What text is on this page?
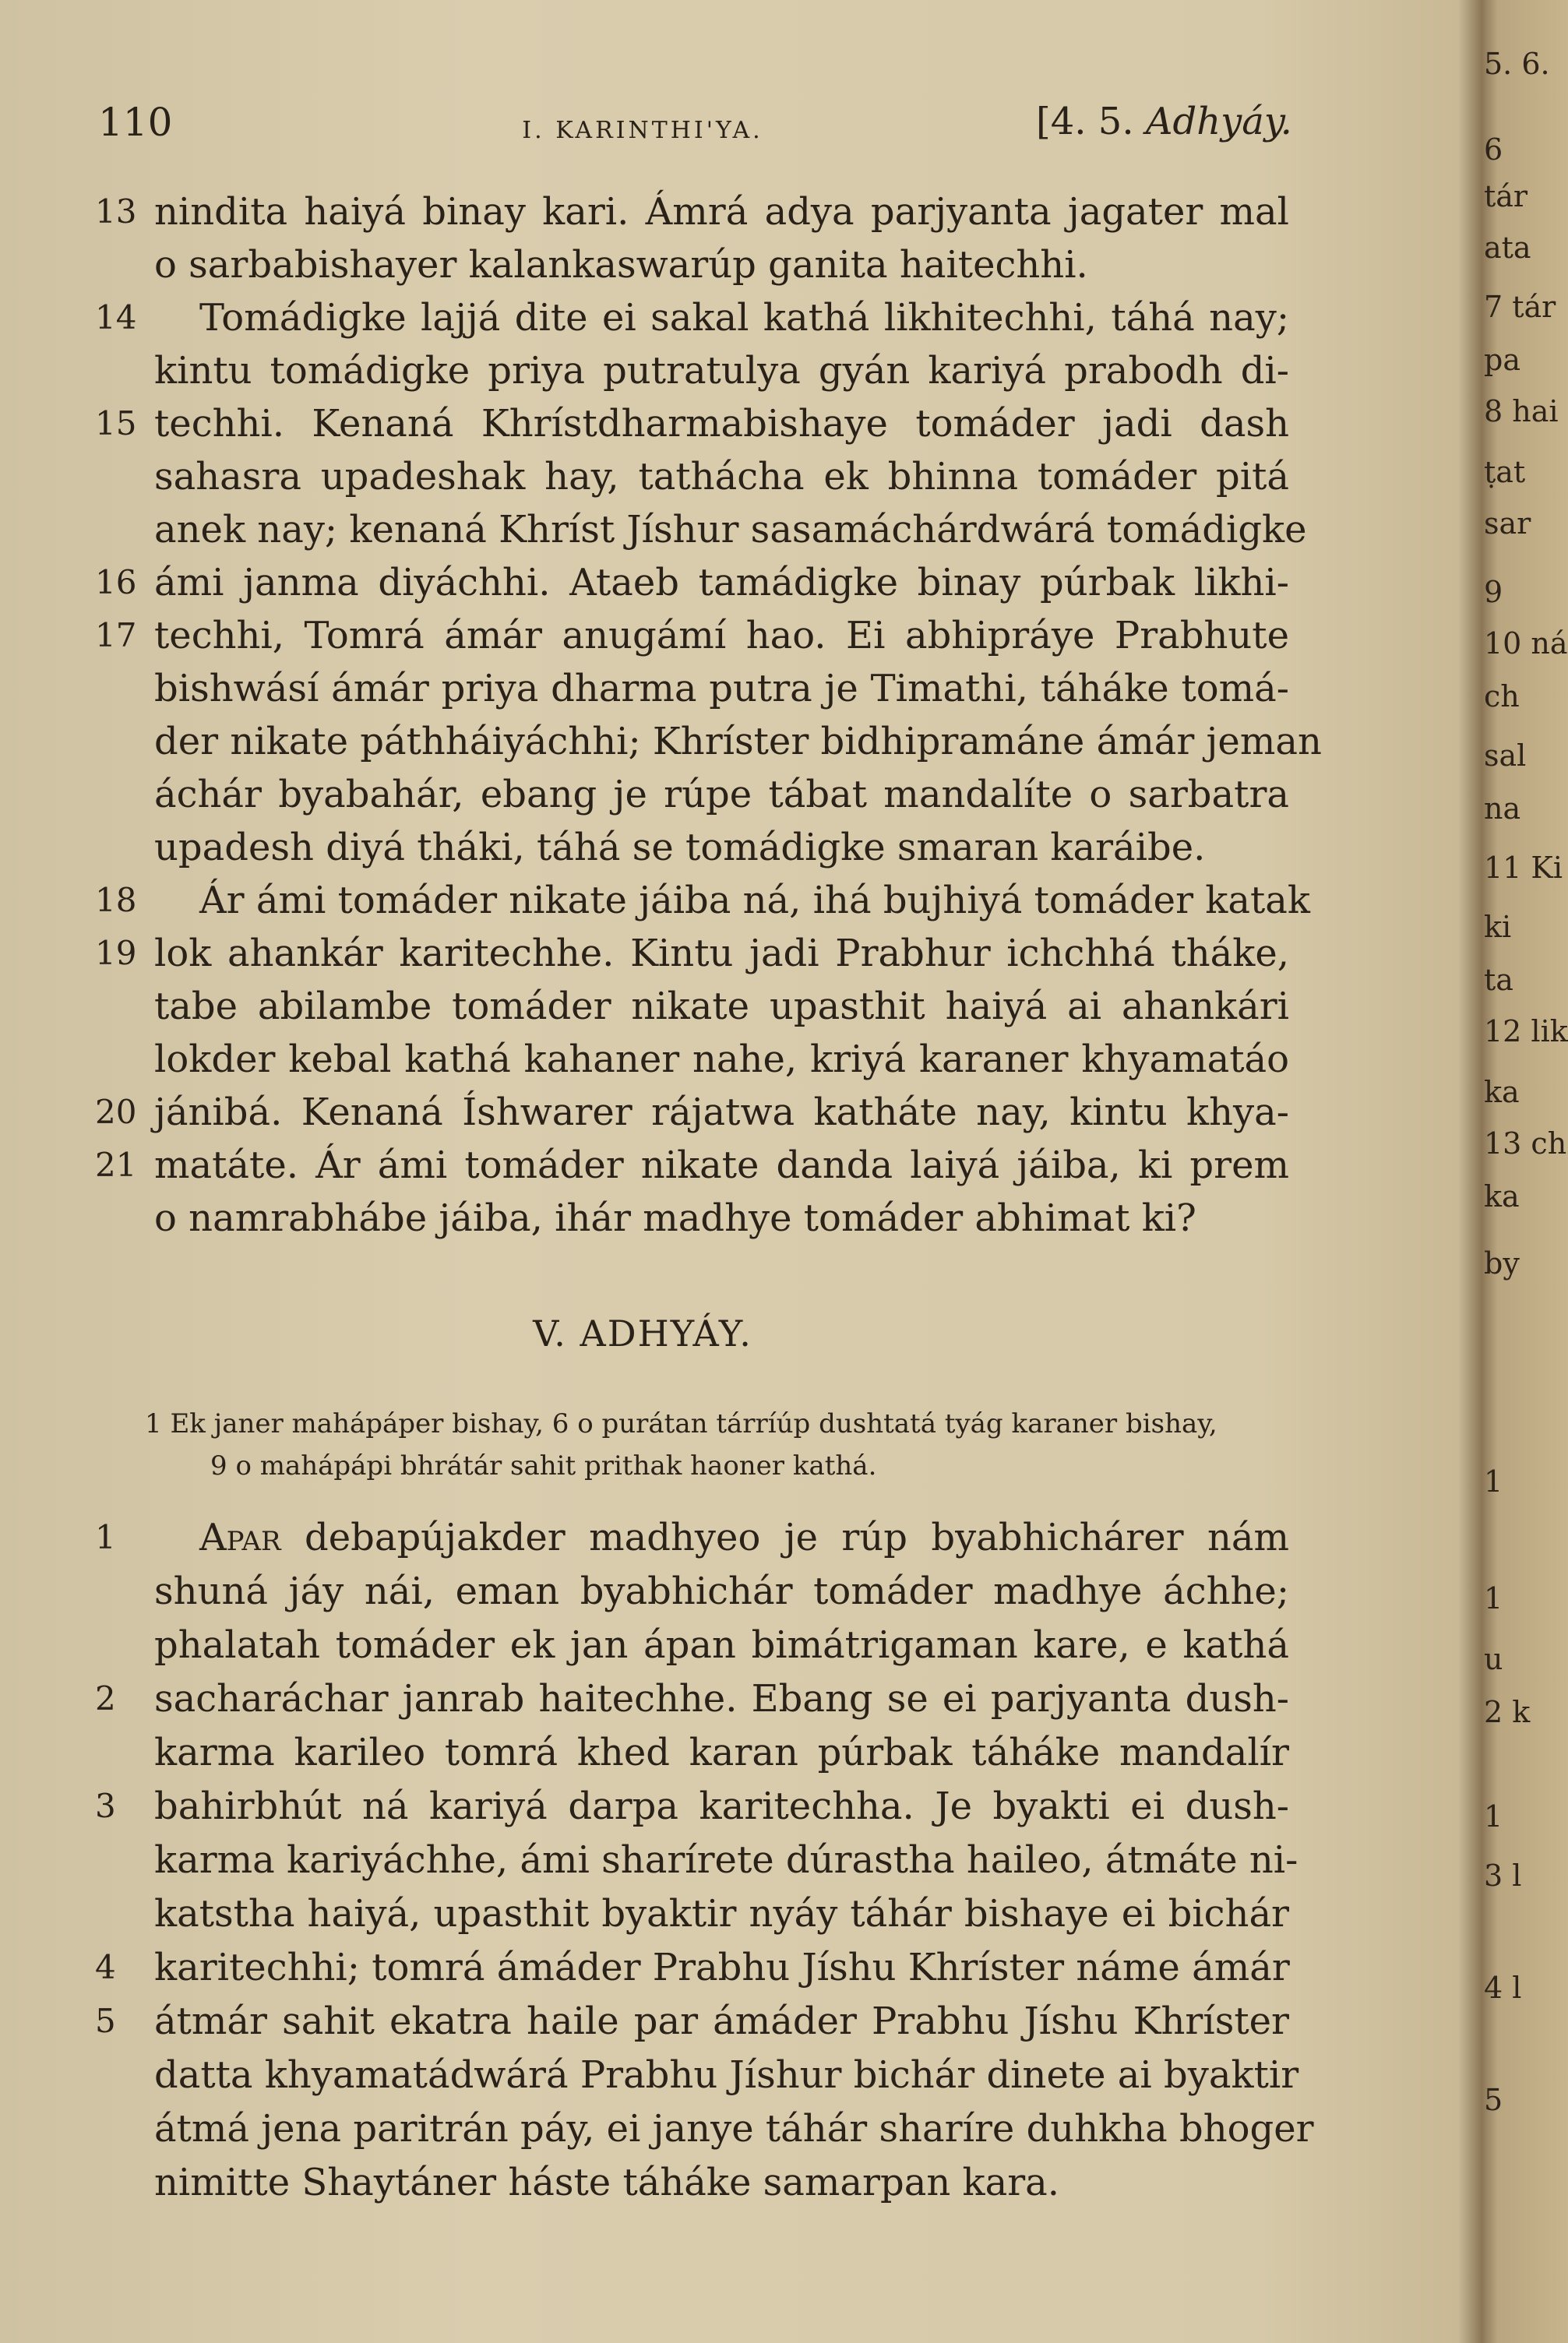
110	I. KARINTHI'YA.	[4. 5. Adhyáy.
13 nindita haiyá binay kari. Ámrá adya parjyanta jagater mal
o sarbabishayer kalankaswarúp ganita haitechhi.
14 Tomádigke lajjá dite ei sakal kathá likhitechhi, táhá nay;
kintu tomádigke priya putratulya gyán kariyá prabodh di-
15 techhi. Kenaná Khrístdharmabishaye tomáder jadi dash
sahasra upadeshak hay, tathácha ek bhinna tomáder pitá
anek nay; kenaná Khríst Jíshur sasamáchárdwárá tomádigke
16 ámi janma diyáchhi. Ataeb tamádigke binay púrbak likhi-
17 techhi, Tomrá ámár anugámí hao. Ei abhipráye Prabhute
bishwásí ámár priya dharma putra je Timathi, táháke tomá-
der nikate páthháiyáchhi; Khríster bidhipramáne ámár jeman
áchár byabahár, ebang je rúpe tábat mandalíte o sarbatra
upadesh diyá tháki, táhá se tomádigke smaran karáibe.
18 Ár ámi tomáder nikate jáiba ná, ihá bujhiyá tomáder katak
19 lok ahankár karitechhe. Kintu jadi Prabhur ichchhá tháke,
tabe abilambe tomáder nikate upasthit haiyá ai ahankári
lokder kebal kathá kahaner nahe, kriyá karaner khyamatáo
20 jánibá. Kenaná Íshwarer rájatwa katháte nay, kintu khya-
21 matáte. Ár ámi tomáder nikate danda laiyá jáiba, ki prem
o namrabhábe jáiba, ihár madhye tomáder abhimat ki?
V. ADHYÁY.
1 Ek janer mahápáper bishay, 6 o purátan tárríúp dushtatá tyág karaner bishay,
9 o mahápápi bhrátár sahit prithak haoner kathá.
1	Apar debapújakder madhyeo je rúp byabhichárer nám
shuná jáy nái, eman byabhichár tomáder madhye áchhe;
phalatah tomáder ek jan ápan bimátrigaman kare, e kathá
2	sacharáchar janrab haitechhe. Ebang se ei parjyanta dush-
karma karileo tomrá khed karan púrbak táháke mandalír
3	bahirbhút ná kariyá darpa karitechha. Je byakti ei dush-
karma kariyáchhe, ámi sharírete dúrastha haileo, átmáte ni-
katstha haiyá, upasthit byaktir nyáy táhár bishaye ei bichár
4	karitechhi; tomrá ámáder Prabhu Jíshu Khríster náme ámár
5	átmár sahit ekatra haile par ámáder Prabhu Jíshu Khríster
datta khyamatádwárá Prabhu Jíshur bichár dinete ai byaktir
átmá jena paritrán páy, ei janye táhár sharíre duhkha bhoger
nimitte Shaytáner háste táháke samarpan kara.
5. 6.
6
tár
ata
7 tár
pa
8 hai
ṭat
sar
9
10 ná
ch
sal
na
11 Ki
ki
ta
12 lik
ka
13 ch
ka
by
1
1
u
2 k
1
3 l
4 l
5
